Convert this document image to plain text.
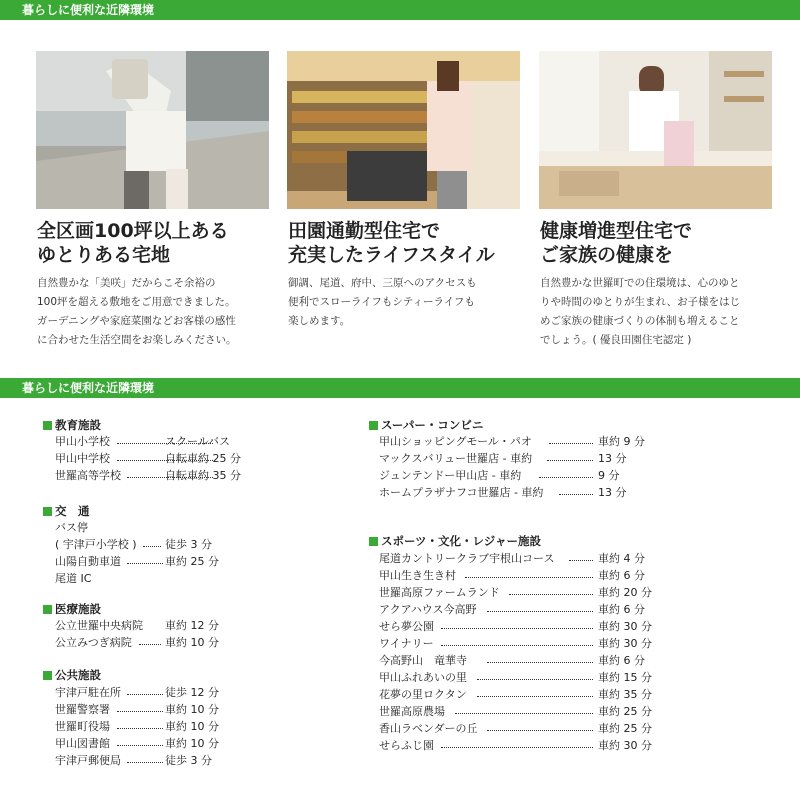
暮らしに便利な近隣環境
全区画100坪以上ある
ゆとりある宅地
田園通勤型住宅で
充実したライフスタイル
健康増進型住宅で
ご家族の健康を
自然豊かな「美咲」だからこそ余裕の
100坪を超える敷地をご用意できました。
ガーデニングや家庭菜園などお客様の感性
に合わせた生活空間をお楽しみください。
御調、尾道、府中、三原へのアクセスも
便利でスローライフもシティーライフも
楽しめます。
自然豊かな世羅町での住環境は、心のゆと
りや時間のゆとりが生まれ、お子様をはじ
めご家族の健康づくりの体制も増えること
でしょう。( 優良田園住宅認定 )
暮らしに便利な近隣環境
教育施設
甲山小学校	スクールバス
甲山中学校	自転車約 25 分
世羅高等学校	自転車約 35 分
交　通
バス停
( 宇津戸小学校 )	徒歩 3 分
山陽自動車道	車約 25 分
尾道 IC
医療施設
公立世羅中央病院 車約 12 分
公立みつぎ病院	車約 10 分
公共施設
宇津戸駐在所	徒歩 12 分
世羅警察署	車約 10 分
世羅町役場	車約 10 分
甲山図書館	車約 10 分
宇津戸郵便局	徒歩 3 分
スーパー・コンビニ
甲山ショッピングモール・パオ	車約 9 分
マックスバリュー世羅店 - 車約	13 分
ジュンテンドー甲山店 - 車約	9 分
ホームプラザナフコ世羅店 - 車約	13 分
スポーツ・文化・レジャー施設
尾道カントリークラブ宇根山コース	車約 4 分
甲山生き生き村	車約 6 分
世羅高原ファームランド	車約 20 分
アクアハウス今高野	車約 6 分
せら夢公園	車約 30 分
ワイナリー	車約 30 分
今高野山　竜華寺	車約 6 分
甲山ふれあいの里	車約 15 分
花夢の里ロクタン	車約 35 分
世羅高原農場	車約 25 分
香山ラベンダーの丘	車約 25 分
せらふじ園	車約 30 分
